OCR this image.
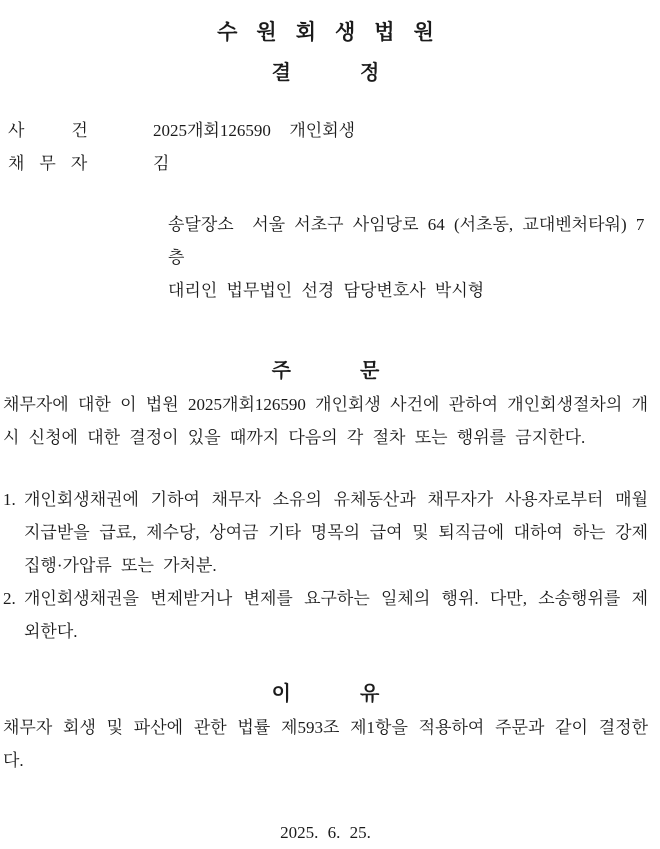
수원회생법원
결정
사건 2025개회126590  개인회생
채무자	김
송달장소  서울 서초구 사임당로 64 (서초동, 교대벤처타워) 7층
대리인 법무법인 선경 담당변호사 박시형
주문
채무자에 대한 이 법원 2025개회126590 개인회생 사건에 관하여 개인회생절차의 개시 신청에 대한 결정이 있을 때까지 다음의 각 절차 또는 행위를 금지한다.
1. 개인회생채권에 기하여 채무자 소유의 유체동산과 채무자가 사용자로부터 매월 지급받을 급료, 제수당, 상여금 기타 명목의 급여 및 퇴직금에 대하여 하는 강제집행·가압류 또는 가처분.
2. 개인회생채권을 변제받거나 변제를 요구하는 일체의 행위. 다만, 소송행위를 제외한다.
이유
채무자 회생 및 파산에 관한 법률 제593조 제1항을 적용하여 주문과 같이 결정한다.
2025. 6. 25.
